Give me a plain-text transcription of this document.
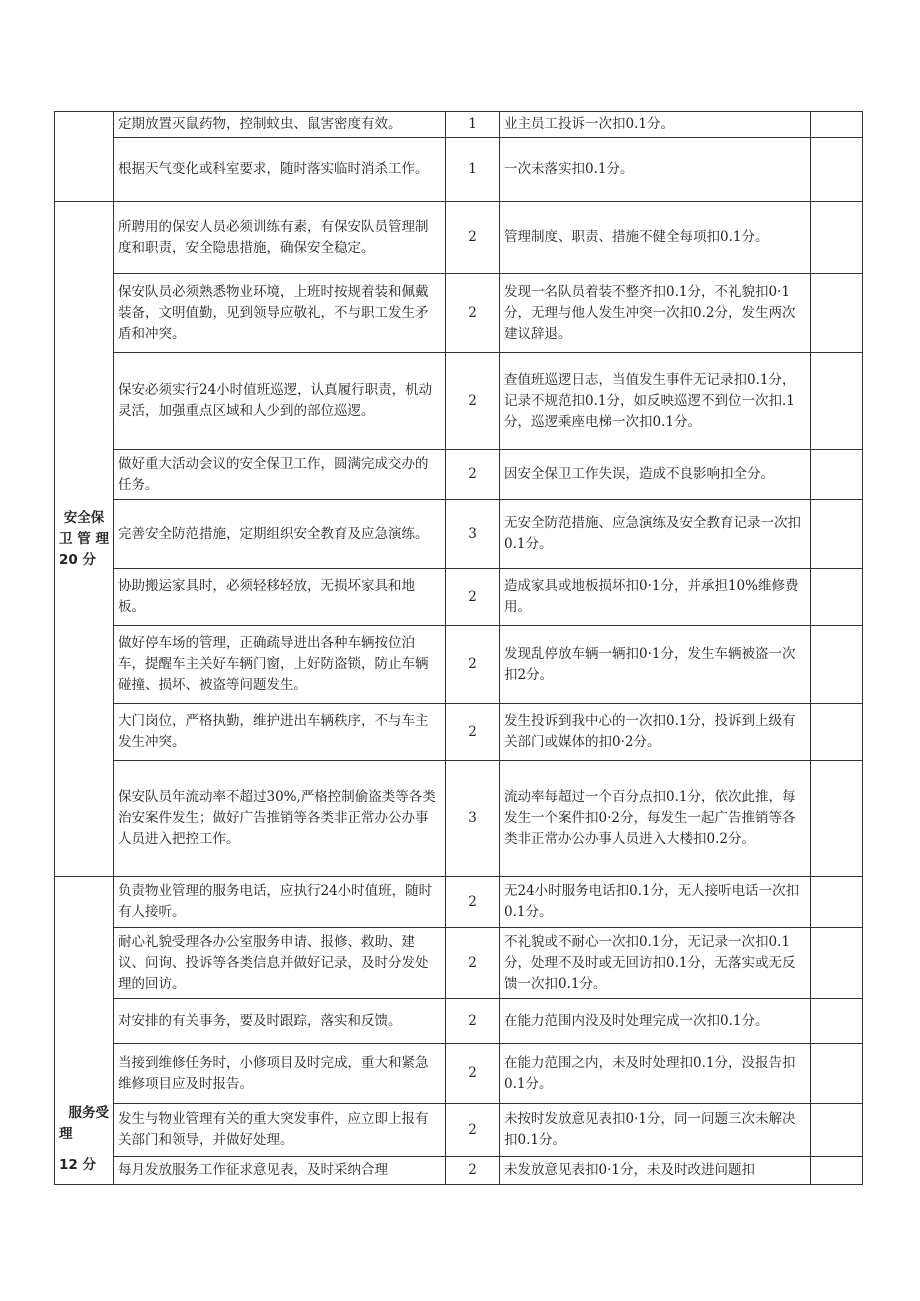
	定期放置灭鼠药物，控制蚊虫、鼠害密度有效。	1	业主员工投诉一次扣0.1分。	
	根据天气变化或科室要求，随时落实临时消杀工作。	1	一次未落实扣0.1分。	

安全保
卫 管 理
20 分	所聘用的保安人员必须训练有素，有保安队员管理制度和职责，安全隐患措施，确保安全稳定。	2	管理制度、职责、措施不健全每项扣0.1分。	
	保安队员必须熟悉物业环境，上班时按规着装和佩戴装备，文明值勤，见到领导应敬礼，不与职工发生矛盾和冲突。	2	发现一名队员着装不整齐扣0.1分，不礼貌扣0·1分，无理与他人发生冲突一次扣0.2分，发生两次建议辞退。	
	保安必须实行24小时值班巡逻，认真履行职责，机动灵活，加强重点区域和人少到的部位巡逻。	2	查值班巡逻日志，当值发生事件无记录扣0.1分，记录不规范扣0.1分，如反映巡逻不到位一次扣.1分，巡逻乘座电梯一次扣0.1分。	
	做好重大活动会议的安全保卫工作，圆满完成交办的任务。	2	因安全保卫工作失误，造成不良影响扣全分。	
	完善安全防范措施，定期组织安全教育及应急演练。	3	无安全防范措施、应急演练及安全教育记录一次扣0.1分。	
	协助搬运家具时，必须轻移轻放，无损坏家具和地板。	2	造成家具或地板损坏扣0·1分，并承担10%维修费用。	
	做好停车场的管理，正确疏导进出各种车辆按位泊车，提醒车主关好车辆门窗，上好防盗锁，防止车辆碰撞、损坏、被盗等问题发生。	2	发现乱停放车辆一辆扣0·1分，发生车辆被盗一次扣2分。	
	大门岗位，严格执勤，维护进出车辆秩序，不与车主发生冲突。	2	发生投诉到我中心的一次扣0.1分，投诉到上级有关部门或媒体的扣0·2分。	
	保安队员年流动率不超过30%,严格控制偷盗类等各类治安案件发生；做好广告推销等各类非正常办公办事人员进入把控工作。	3	流动率每超过一个百分点扣0.1分，依次此推，每发生一个案件扣0·2分，每发生一起广告推销等各类非正常办公办事人员进入大楼扣0.2分。	

服务受
理
12 分	负责物业管理的服务电话，应执行24小时值班，随时有人接听。	2	无24小时服务电话扣0.1分，无人接听电话一次扣0.1分。	
	耐心礼貌受理各办公室服务申请、报修、救助、建议、问询、投诉等各类信息并做好记录，及时分发处理的回访。	2	不礼貌或不耐心一次扣0.1分，无记录一次扣0.1分，处理不及时或无回访扣0.1分，无落实或无反馈一次扣0.1分。	
	对安排的有关事务，要及时跟踪，落实和反馈。	2	在能力范围内没及时处理完成一次扣0.1分。	
	当接到维修任务时，小修项目及时完成，重大和紧急维修项目应及时报告。	2	在能力范围之内，未及时处理扣0.1分，没报告扣0.1分。	
	发生与物业管理有关的重大突发事件，应立即上报有关部门和领导，并做好处理。	2	未按时发放意见表扣0·1分，同一问题三次未解决扣0.1分。	
	每月发放服务工作征求意见表，及时采纳合理	2	未发放意见表扣0·1分，未及时改进问题扣	
